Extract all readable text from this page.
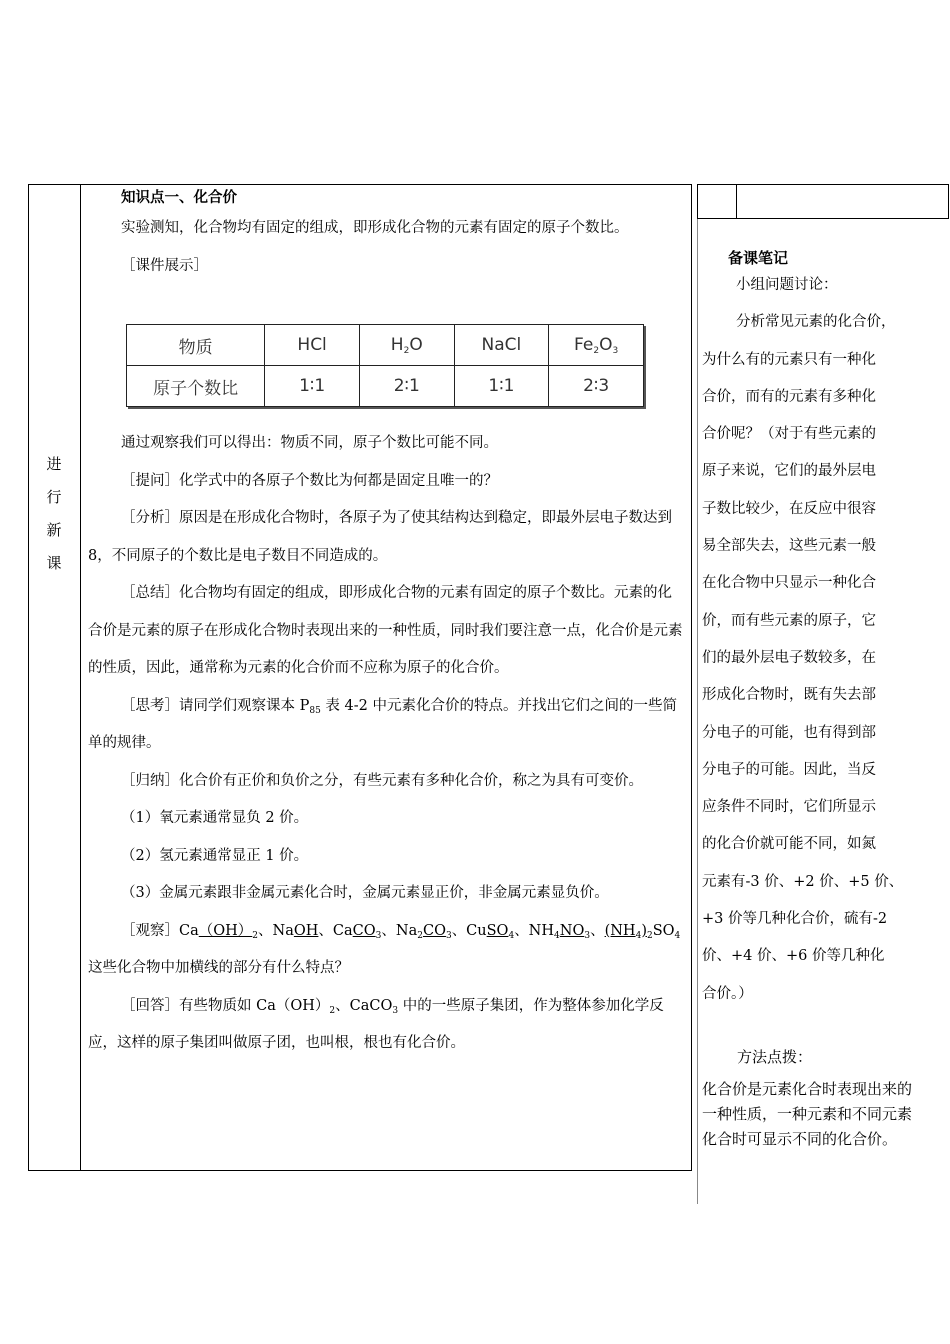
进
行
新
课

知识点一、化合价

实验测知，化合物均有固定的组成，即形成化合物的元素有固定的原子个数比。

［课件展示］

物质	HCl	$H_2O$	NaCl	$Fe_2O_3$
原子个数比	1∶1	2∶1	1∶1	2∶3

通过观察我们可以得出：物质不同，原子个数比可能不同。

［提问］化学式中的各原子个数比为何都是固定且唯一的？

［分析］原因是在形成化合物时，各原子为了使其结构达到稳定，即最外层电子数达到 8，不同原子的个数比是电子数目不同造成的。

［总结］化合物均有固定的组成，即形成化合物的元素有固定的原子个数比。元素的化合价是元素的原子在形成化合物时表现出来的一种性质，同时我们要注意一点，化合价是元素的性质，因此，通常称为元素的化合价而不应称为原子的化合价。

［思考］请同学们观察课本 $P_{85}$ 表 4-2 中元素化合价的特点。并找出它们之间的一些简单的规律。

［归纳］化合价有正价和负价之分，有些元素有多种化合价，称之为具有可变价。

（1）氧元素通常显负 2 价。

（2）氢元素通常显正 1 价。

（3）金属元素跟非金属元素化合时，金属元素显正价，非金属元素显负价。

［观察$]Ca(OH)_2$、NaOH、CaCO$_3$、$Na_2CO_3$、CuSO$_4$、$NH_4NO_3$、$(NH_4)_2SO_4$ 这些化合物中加横线的部分有什么特点？

［回答］有些物质如 $Ca(OH)_2$、CaCO$_3$ 中的一些原子集团，作为整体参加化学反应，这样的原子集团叫做原子团，也叫根，根也有化合价。

备课笔记
小组问题讨论：
分析常见元素的化合价，
为什么有的元素只有一种化
合价，而有的元素有多种化
合价呢？（对于有些元素的
原子来说，它们的最外层电
子数比较少，在反应中很容
易全部失去，这些元素一般
在化合物中只显示一种化合
价，而有些元素的原子，它
们的最外层电子数较多，在
形成化合物时，既有失去部
分电子的可能，也有得到部
分电子的可能。因此，当反
应条件不同时，它们所显示
的化合价就可能不同，如氮
元素有-3 价、+2 价、+5 价、
+3 价等几种化合价，硫有-2
价、+4 价、+6 价等几种化
合价。）
方法点拨：
化合价是元素化合时表现出来的一种性质，一种元素和不同元素化合时可显示不同的化合价。
